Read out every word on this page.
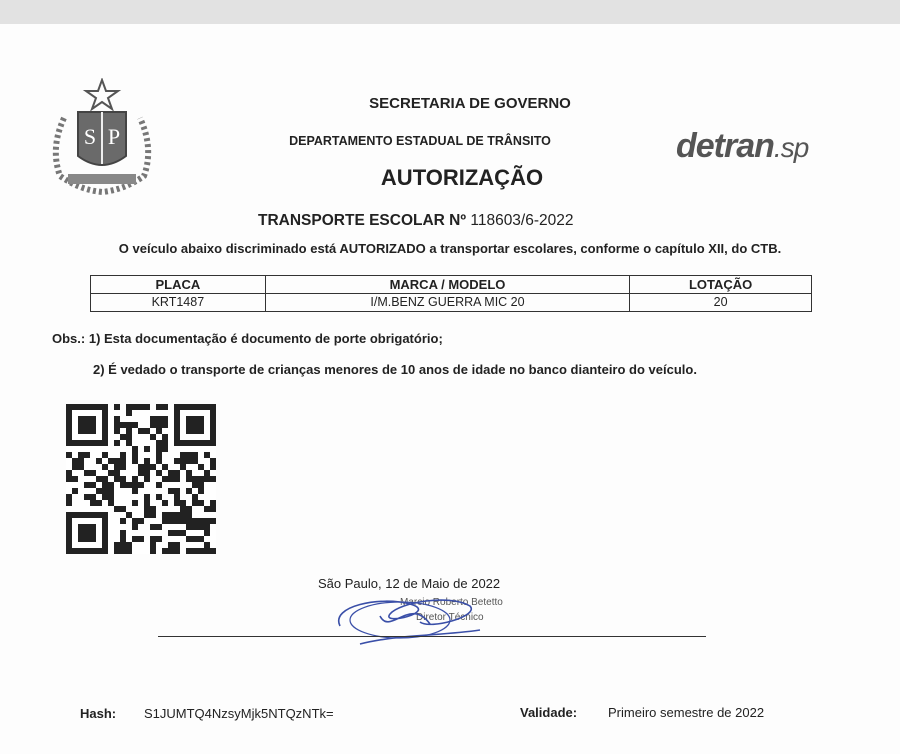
S P
SECRETARIA DE GOVERNO
DEPARTAMENTO ESTADUAL DE TRÂNSITO
AUTORIZAÇÃO
detran.sp
TRANSPORTE ESCOLAR Nº 118603/6-2022
O veículo abaixo discriminado está AUTORIZADO a transportar escolares, conforme o capítulo XII, do CTB.
PLACA	MARCA / MODELO	LOTAÇÃO
KRT1487	I/M.BENZ GUERRA MIC 20	20
Obs.: 1) Esta documentação é documento de porte obrigatório;
2) É vedado o transporte de crianças menores de 10 anos de idade no banco dianteiro do veículo.
São Paulo, 12 de Maio de 2022
Marcio Roberto Betetto
Diretor Técnico
Hash: S1JUMTQ4NzsyMjk5NTQzNTk=	Validade: Primeiro semestre de 2022
